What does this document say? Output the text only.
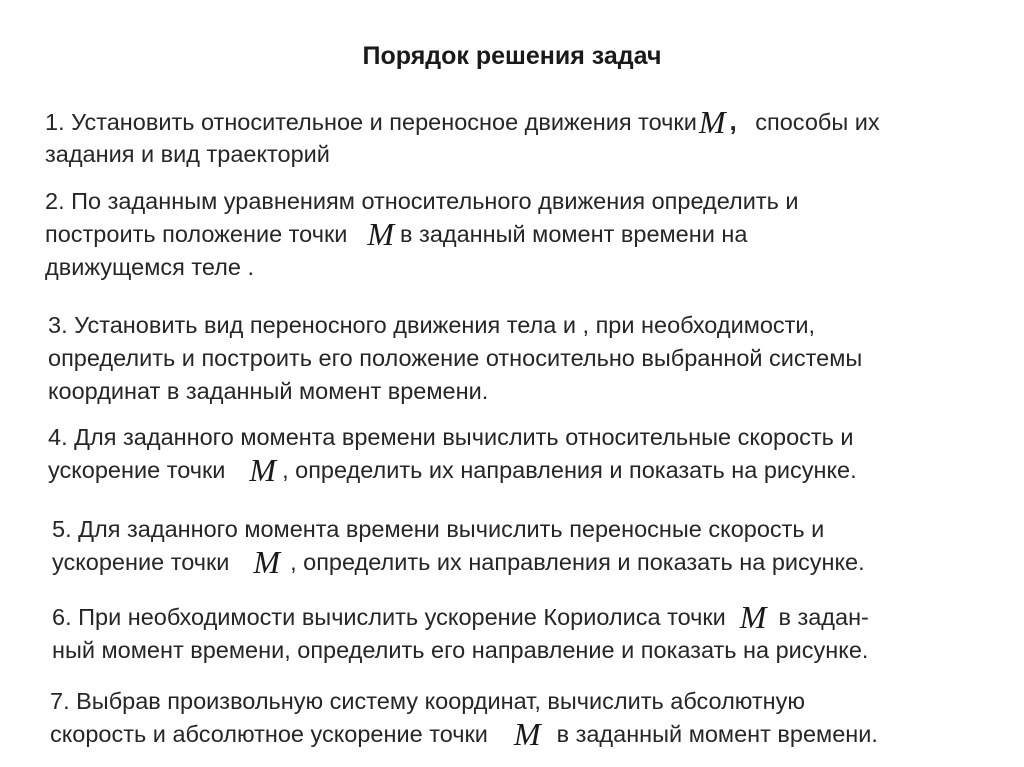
Порядок решения задач
1. Установить относительное и переносное движения точкиM , способы их
задания и вид траекторий
2. По заданным уравнениям относительного движения определить и
построить положение точки M в заданный момент времени на
движущемся теле .
3. Установить вид переносного движения тела и , при необходимости,
определить и построить его положение относительно выбранной системы
координат в заданный момент времени.
4. Для заданного момента времени вычислить относительные скорость и
ускорение точки M , определить их направления и показать на рисунке.
5. Для заданного момента времени вычислить переносные скорость и
ускорение точки M , определить их направления и показать на рисунке.
6. При необходимости вычислить ускорение Кориолиса точки M в задан-
ный момент времени, определить его направление и показать на рисунке.
7. Выбрав произвольную систему координат, вычислить абсолютную
скорость и абсолютное ускорение точки M в заданный момент времени.
